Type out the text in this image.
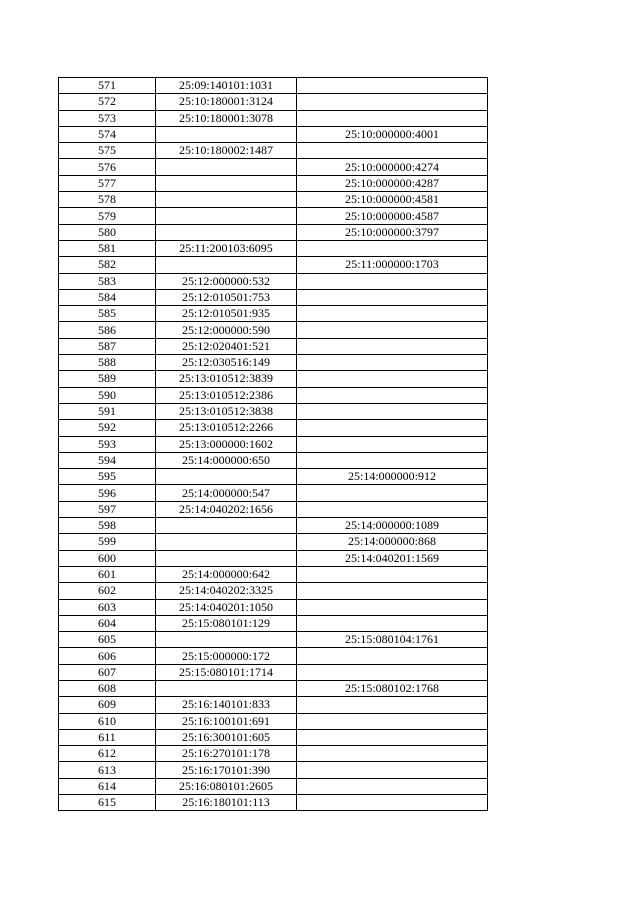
571	25:09:140101:1031	
572	25:10:180001:3124	
573	25:10:180001:3078	
574		25:10:000000:4001
575	25:10:180002:1487	
576		25:10:000000:4274
577		25:10:000000:4287
578		25:10:000000:4581
579		25:10:000000:4587
580		25:10:000000:3797
581	25:11:200103:6095	
582		25:11:000000:1703
583	25:12:000000:532	
584	25:12:010501:753	
585	25:12:010501:935	
586	25:12:000000:590	
587	25:12:020401:521	
588	25:12:030516:149	
589	25:13:010512:3839	
590	25:13:010512:2386	
591	25:13:010512:3838	
592	25:13:010512:2266	
593	25:13:000000:1602	
594	25:14:000000:650	
595		25:14:000000:912
596	25:14:000000:547	
597	25:14:040202:1656	
598		25:14:000000:1089
599		25:14:000000:868
600		25:14:040201:1569
601	25:14:000000:642	
602	25:14:040202:3325	
603	25:14:040201:1050	
604	25:15:080101:129	
605		25:15:080104:1761
606	25:15:000000:172	
607	25:15:080101:1714	
608		25:15:080102:1768
609	25:16:140101:833	
610	25:16:100101:691	
611	25:16:300101:605	
612	25:16:270101:178	
613	25:16:170101:390	
614	25:16:080101:2605	
615	25:16:180101:113	
